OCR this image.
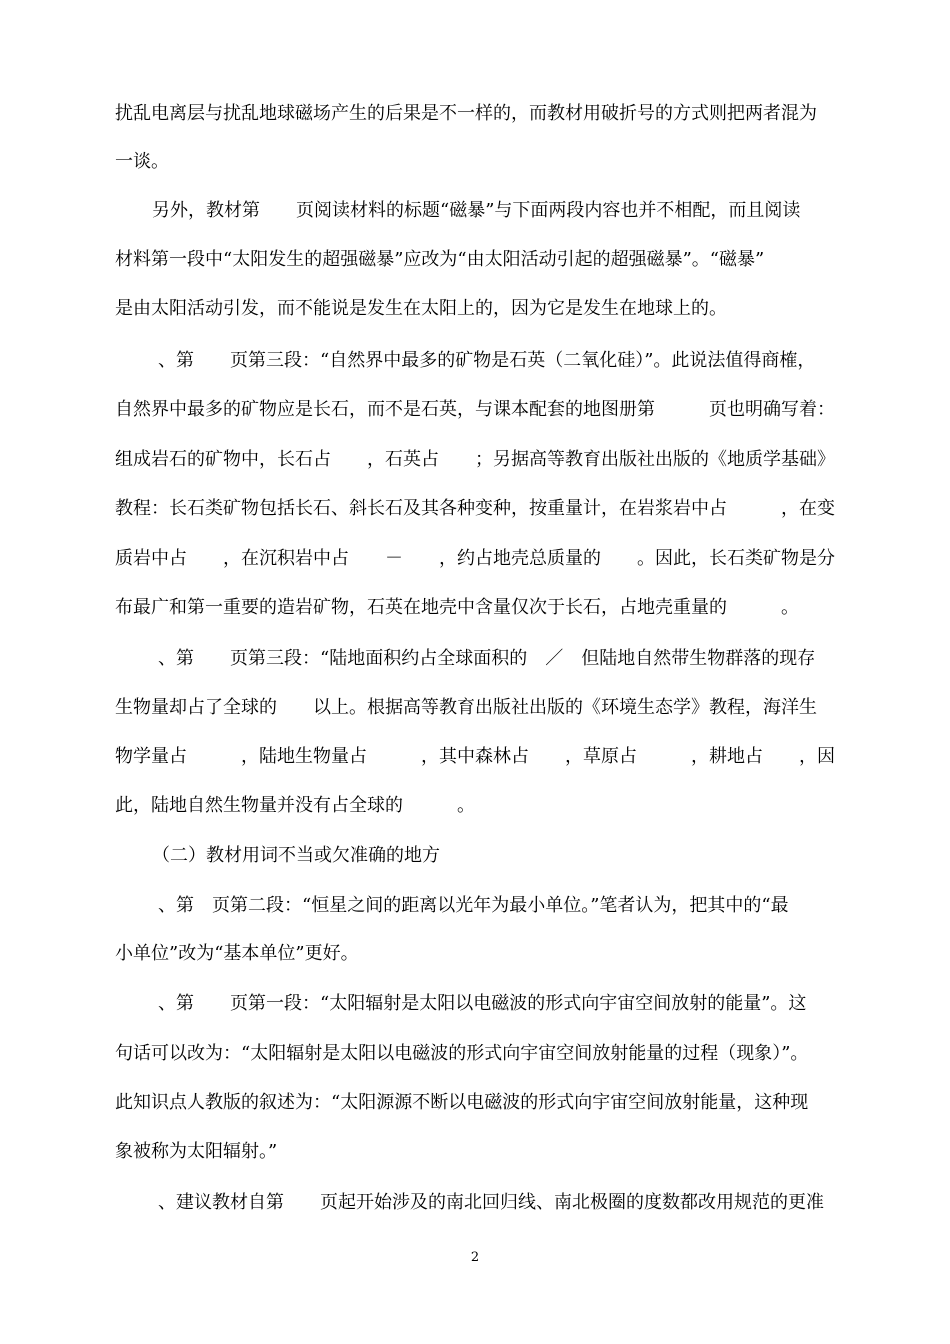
扰乱电离层与扰乱地球磁场产生的后果是不一样的，而教材用破折号的方式则把两者混为
一谈。
另外，教材第　　页阅读材料的标题“磁暴”与下面两段内容也并不相配，而且阅读
材料第一段中“太阳发生的超强磁暴”应改为“由太阳活动引起的超强磁暴”。“磁暴”
是由太阳活动引发，而不能说是发生在太阳上的，因为它是发生在地球上的。
、第　　页第三段：“自然界中最多的矿物是石英（二氧化硅）”。此说法值得商榷，
自然界中最多的矿物应是长石，而不是石英，与课本配套的地图册第　　　页也明确写着：
组成岩石的矿物中，长石占　　，石英占　　；另据高等教育出版社出版的《地质学基础》
教程：长石类矿物包括长石、斜长石及其各种变种，按重量计，在岩浆岩中占　　　，在变
质岩中占　　，在沉积岩中占　　－　　，约占地壳总质量的　　。因此，长石类矿物是分
布最广和第一重要的造岩矿物，石英在地壳中含量仅次于长石，占地壳重量的　　　。
、第　　页第三段：“陆地面积约占全球面积的　／　但陆地自然带生物群落的现存
生物量却占了全球的　　以上。根据高等教育出版社出版的《环境生态学》教程，海洋生
物学量占　　　，陆地生物量占　　　，其中森林占　　，草原占　　　，耕地占　　，因
此，陆地自然生物量并没有占全球的　　　。
（二）教材用词不当或欠准确的地方
、第　页第二段：“恒星之间的距离以光年为最小单位。”笔者认为，把其中的“最
小单位”改为“基本单位”更好。
、第　　页第一段：“太阳辐射是太阳以电磁波的形式向宇宙空间放射的能量”。这
句话可以改为：“太阳辐射是太阳以电磁波的形式向宇宙空间放射能量的过程（现象）”。
此知识点人教版的叙述为：“太阳源源不断以电磁波的形式向宇宙空间放射能量，这种现
象被称为太阳辐射。”
、建议教材自第　　页起开始涉及的南北回归线、南北极圈的度数都改用规范的更准
2
